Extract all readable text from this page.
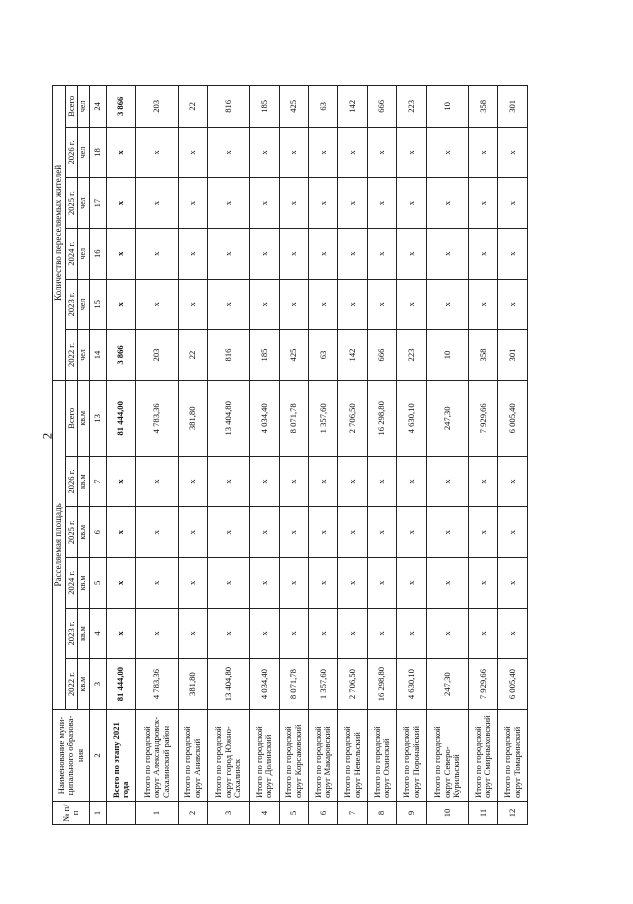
2
№ п/п	Наименование муни-ципального образова-ния	Расселяемая площадь						Количество переселяемых жителей					
		2022 г.	2023 г.	2024 г.	2025 г.	2026 г.	Всего	2022 г.	2023 г.	2024 г.	2025 г.	2026 г.	Всего
		кв.м	кв.м	кв.м	кв.м	кв.м	кв.м	чел	чел	чел	чел	чел	чел
1	2	3	4	5	6	7	13	14	15	16	17	18	24
	Всего по этапу 2021 года	81 444,00	x	x	x	x	81 444,00	3 866	x	x	x	x	3 866
1	Итого по городской округ Александровск-Сахалинский район	4 783,36	x	x	x	x	4 783,36	203	x	x	x	x	203
2	Итого по городской округ Анивский	381,80	x	x	x	x	381,80	22	x	x	x	x	22
3	Итого по городской округ город Южно-Сахалинск	13 404,80	x	x	x	x	13 404,80	816	x	x	x	x	816
4	Итого по городской округ Долинский	4 034,40	x	x	x	x	4 034,40	185	x	x	x	x	185
5	Итого по городской округ Корсаковский	8 071,78	x	x	x	x	8 071,78	425	x	x	x	x	425
6	Итого по городской округ Макаровский	1 357,60	x	x	x	x	1 357,60	63	x	x	x	x	63
7	Итого по городской округ Невельский	2 706,50	x	x	x	x	2 706,50	142	x	x	x	x	142
8	Итого по городской округ Охинский	16 298,80	x	x	x	x	16 298,80	666	x	x	x	x	666
9	Итого по городской округ Поронайский	4 630,10	x	x	x	x	4 630,10	223	x	x	x	x	223
10	Итого по городской округ Северо-Курильский	247,30	x	x	x	x	247,30	10	x	x	x	x	10
11	Итого по городской округ Смирныховский	7 929,66	x	x	x	x	7 929,66	358	x	x	x	x	358
12	Итого по городской округ Томаринский	6 005,40	x	x	x	x	6 005,40	301	x	x	x	x	301
